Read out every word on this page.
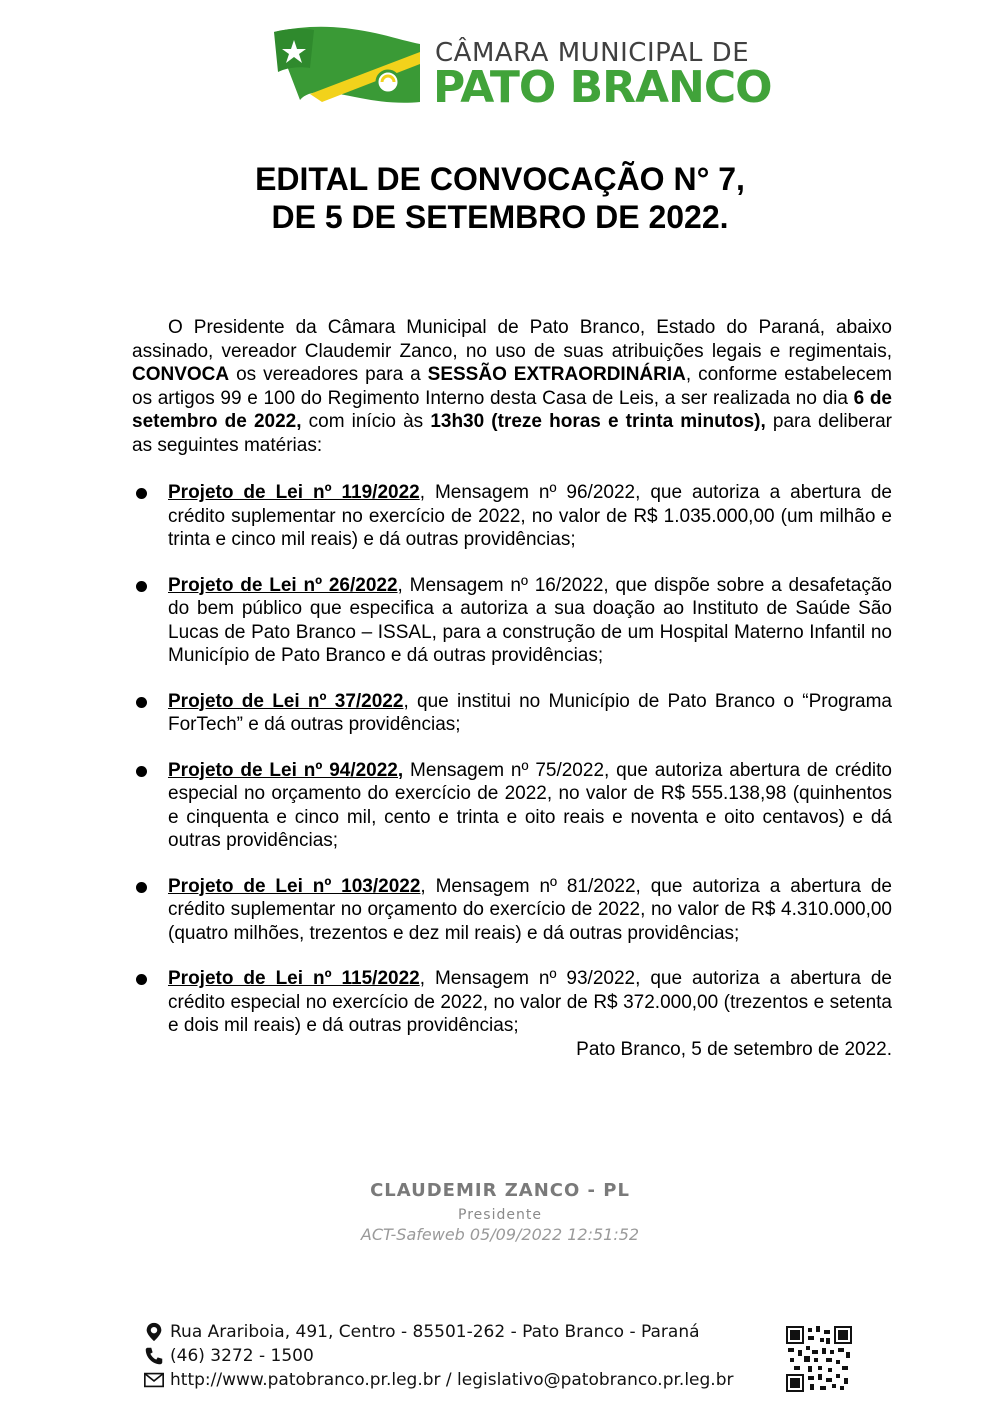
CÂMARA MUNICIPAL DE
PATO BRANCO
EDITAL DE CONVOCAÇÃO N° 7,
DE 5 DE SETEMBRO DE 2022.

O Presidente da Câmara Municipal de Pato Branco, Estado do Paraná, abaixo assinado, vereador Claudemir Zanco, no uso de suas atribuições legais e regimentais, CONVOCA os vereadores para a SESSÃO EXTRAORDINÁRIA, conforme estabelecem os artigos 99 e 100 do Regimento Interno desta Casa de Leis, a ser realizada no dia 6 de setembro de 2022, com início às 13h30 (treze horas e trinta minutos), para deliberar as seguintes matérias:

Projeto de Lei nº 119/2022, Mensagem nº 96/2022, que autoriza a abertura de crédito suplementar no exercício de 2022, no valor de R$ 1.035.000,00 (um milhão e trinta e cinco mil reais) e dá outras providências;
Projeto de Lei nº 26/2022, Mensagem nº 16/2022, que dispõe sobre a desafetação do bem público que especifica a autoriza a sua doação ao Instituto de Saúde São Lucas de Pato Branco – ISSAL, para a construção de um Hospital Materno Infantil no Município de Pato Branco e dá outras providências;
Projeto de Lei nº 37/2022, que institui no Município de Pato Branco o “Programa ForTech” e dá outras providências;
Projeto de Lei nº 94/2022, Mensagem nº 75/2022, que autoriza abertura de crédito especial no orçamento do exercício de 2022, no valor de R$ 555.138,98 (quinhentos e cinquenta e cinco mil, cento e trinta e oito reais e noventa e oito centavos) e dá outras providências;
Projeto de Lei nº 103/2022, Mensagem nº 81/2022, que autoriza a abertura de crédito suplementar no orçamento do exercício de 2022, no valor de R$ 4.310.000,00 (quatro milhões, trezentos e dez mil reais) e dá outras providências;
Projeto de Lei nº 115/2022, Mensagem nº 93/2022, que autoriza a abertura de crédito especial no exercício de 2022, no valor de R$ 372.000,00 (trezentos e setenta e dois mil reais) e dá outras providências;

Pato Branco, 5 de setembro de 2022.

CLAUDEMIR ZANCO - PL
Presidente
ACT-Safeweb 05/09/2022 12:51:52
Rua Arariboia, 491, Centro - 85501-262 - Pato Branco - Paraná
(46) 3272 - 1500
http://www.patobranco.pr.leg.br / legislativo@patobranco.pr.leg.br
